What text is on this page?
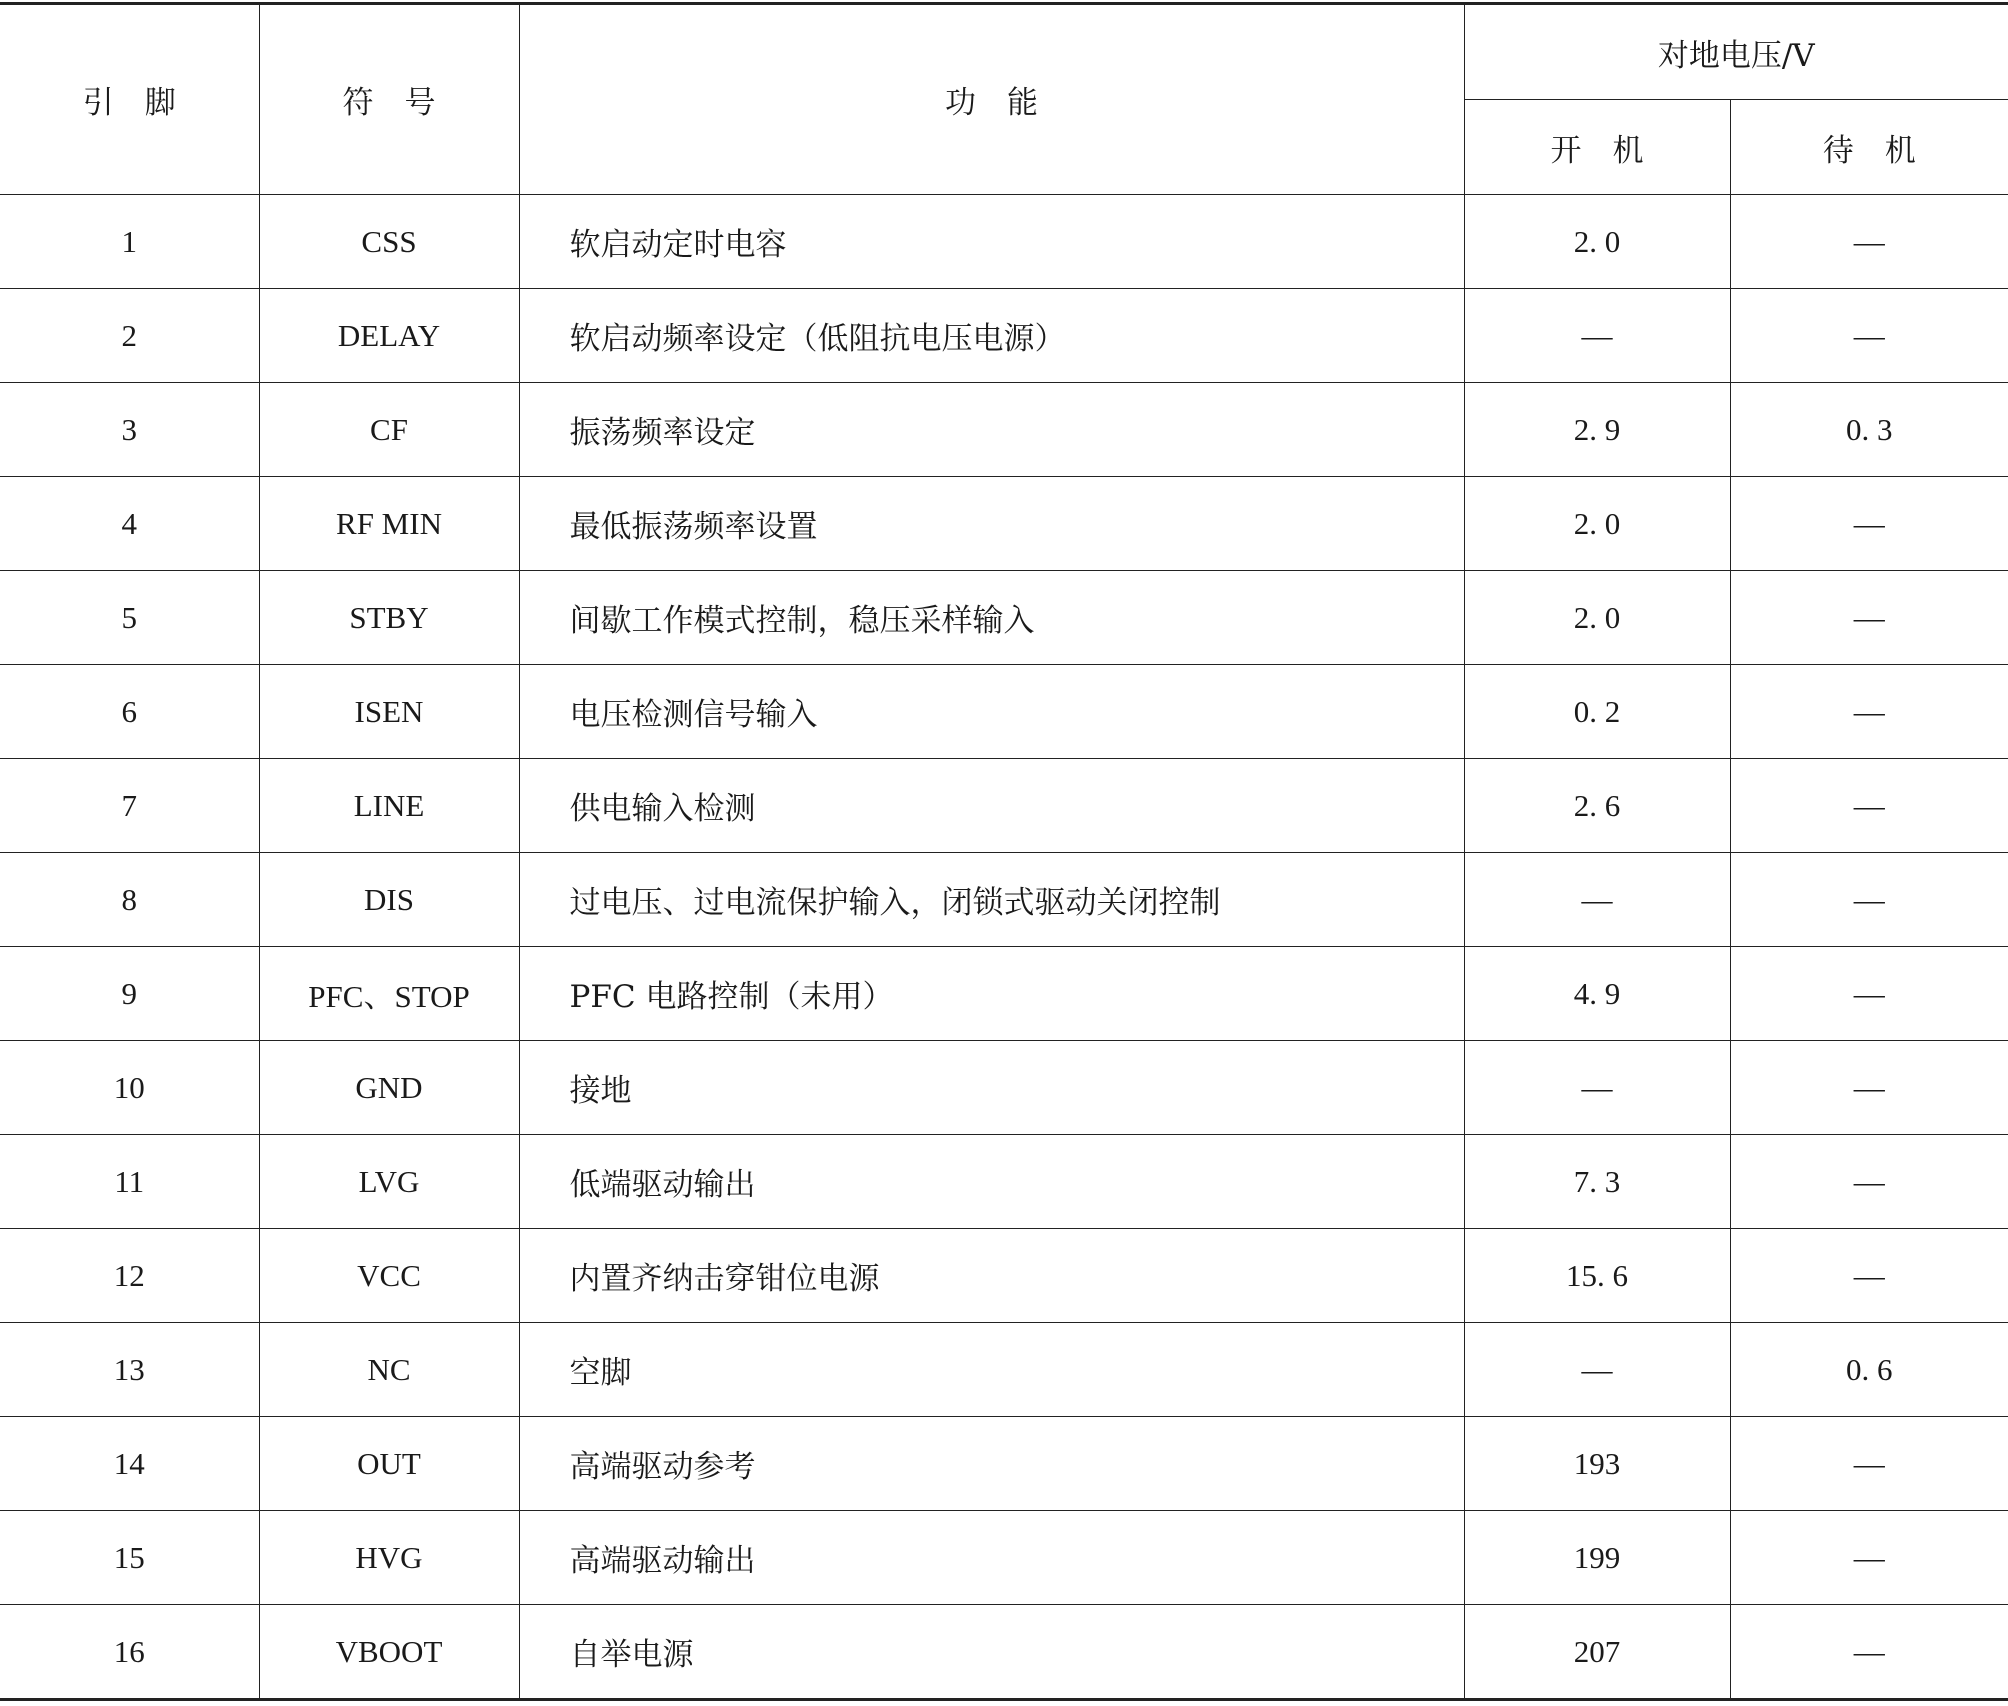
引　脚	符　号	功　能	对地电压/V	
			开　机	待　机
1	CSS	软启动定时电容	2. 0	—
2	DELAY	软启动频率设定（低阻抗电压电源）	—	—
3	CF	振荡频率设定	2. 9	0. 3
4	RF MIN	最低振荡频率设置	2. 0	—
5	STBY	间歇工作模式控制，稳压采样输入	2. 0	—
6	ISEN	电压检测信号输入	0. 2	—
7	LINE	供电输入检测	2. 6	—
8	DIS	过电压、过电流保护输入，闭锁式驱动关闭控制	—	—
9	PFC、STOP	PFC 电路控制（未用）	4. 9	—
10	GND	接地	—	—
11	LVG	低端驱动输出	7. 3	—
12	VCC	内置齐纳击穿钳位电源	15. 6	—
13	NC	空脚	—	0. 6
14	OUT	高端驱动参考	193	—
15	HVG	高端驱动输出	199	—
16	VBOOT	自举电源	207	—
